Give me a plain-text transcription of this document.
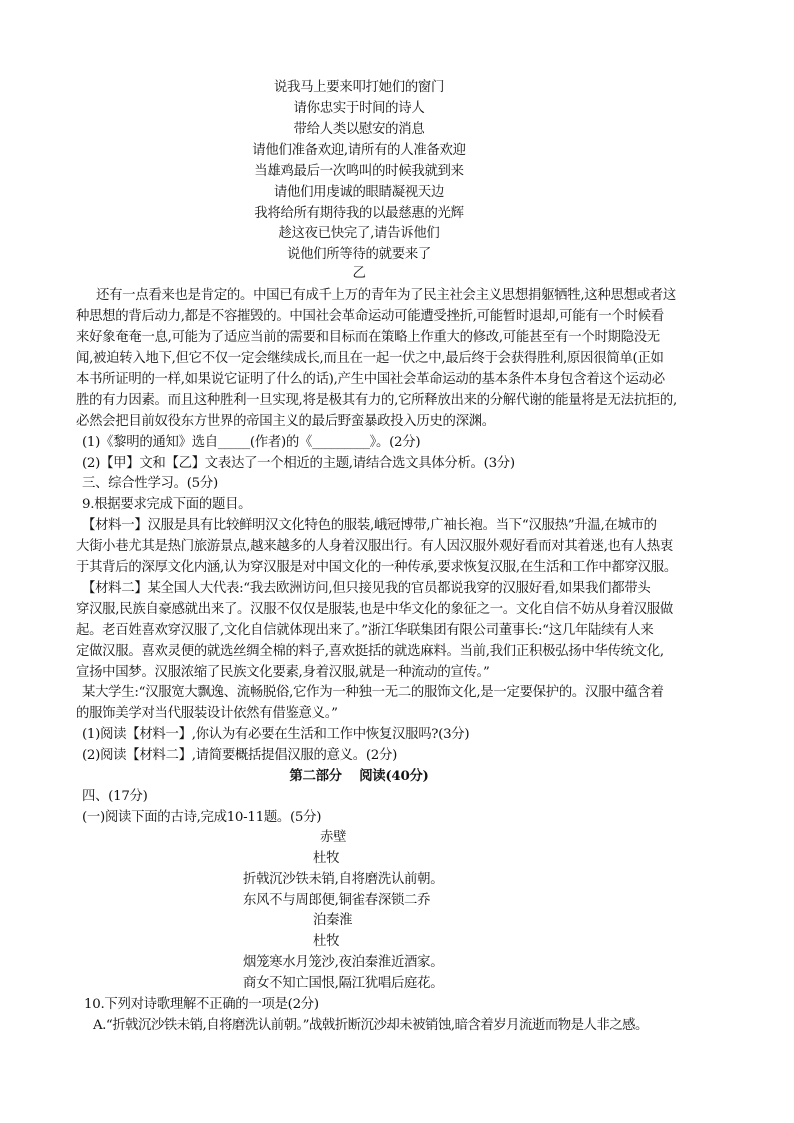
说我马上要来叩打她们的窗门
请你忠实于时间的诗人
带给人类以慰安的消息
请他们准备欢迎,请所有的人准备欢迎
当雄鸡最后一次鸣叫的时候我就到来
请他们用虔诚的眼睛凝视天边
我将给所有期待我的以最慈惠的光辉
趁这夜已快完了,请告诉他们
说他们所等待的就要来了
乙
还有一点看来也是肯定的。中国已有成千上万的青年为了民主社会主义思想捐躯牺牲,这种思想或者这
种思想的背后动力,都是不容摧毁的。中国社会革命运动可能遭受挫折,可能暂时退却,可能有一个时候看
来好象奄奄一息,可能为了适应当前的需要和目标而在策略上作重大的修改,可能甚至有一个时期隐没无
闻,被迫转入地下,但它不仅一定会继续成长,而且在一起一伏之中,最后终于会获得胜利,原因很简单(正如
本书所证明的一样,如果说它证明了什么的话),产生中国社会革命运动的基本条件本身包含着这个运动必
胜的有力因素。而且这种胜利一旦实现,将是极其有力的,它所释放出来的分解代谢的能量将是无法抗拒的,
必然会把目前奴役东方世界的帝国主义的最后野蛮暴政投入历史的深渊。
(1)《黎明的通知》选自_____(作者)的《_________》。(2分)
(2)【甲】文和【乙】文表达了一个相近的主题,请结合选文具体分析。(3分)
三、综合性学习。(5分)
9.根据要求完成下面的题目。
【材料一】汉服是具有比较鲜明汉文化特色的服装,峨冠博带,广袖长袍。当下“汉服热”升温,在城市的
大街小巷尤其是热门旅游景点,越来越多的人身着汉服出行。有人因汉服外观好看而对其着迷,也有人热衷
于其背后的深厚文化内涵,认为穿汉服是对中国文化的一种传承,要求恢复汉服,在生活和工作中都穿汉服。
【材料二】某全国人大代表:“我去欧洲访问,但只接见我的官员都说我穿的汉服好看,如果我们都带头
穿汉服,民族自豪感就出来了。汉服不仅仅是服装,也是中华文化的象征之一。文化自信不妨从身着汉服做
起。老百姓喜欢穿汉服了,文化自信就体现出来了。”浙江华联集团有限公司董事长:“这几年陆续有人来
定做汉服。喜欢灵便的就选丝绸全棉的料子,喜欢挺括的就选麻料。当前,我们正积极弘扬中华传统文化,
宣扬中国梦。汉服浓缩了民族文化要素,身着汉服,就是一种流动的宣传。”
某大学生:“汉服宽大飘逸、流畅脱俗,它作为一种独一无二的服饰文化,是一定要保护的。汉服中蕴含着
的服饰美学对当代服装设计依然有借鉴意义。”
(1)阅读【材料一】,你认为有必要在生活和工作中恢复汉服吗?(3分)
(2)阅读【材料二】,请简要概括提倡汉服的意义。(2分)
第二部分    阅读(40分)
四、(17分)
(一)阅读下面的古诗,完成10-11题。(5分)
赤壁
杜牧
折戟沉沙铁未销,自将磨洗认前朝。
东风不与周郎便,铜雀春深锁二乔
泊秦淮
杜牧
烟笼寒水月笼沙,夜泊秦淮近酒家。
商女不知亡国恨,隔江犹唱后庭花。
10.下列对诗歌理解不正确的一项是(2分)
A.“折戟沉沙铁未销,自将磨洗认前朝。”战戟折断沉沙却未被销蚀,暗含着岁月流逝而物是人非之感。
